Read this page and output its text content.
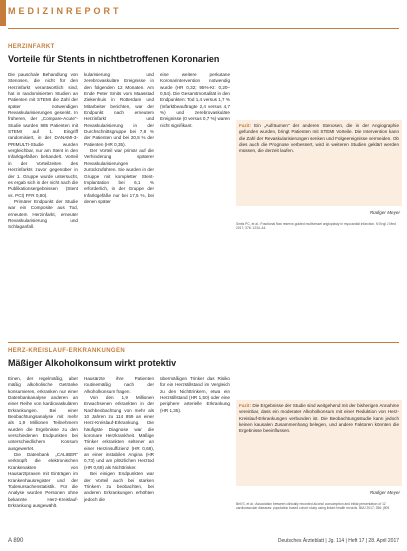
MEDIZINREPORT
HERZINFARKT
Vorteile für Stents in nichtbetroffenen Koronarien

Die pauschale Behandlung von Stenosen, die nicht für den Herzinfarkt verantwortlich sind, hat in randomisierten Studien an Patienten mit STEMI die Zahl der später notwendigen Revaskularisierungen gesenkt. In früheren, der „Compare-Acute“-Studie wurden 885 Patienten mit STEMI auf 1. Eingriff randomisiert, in der DANAMI-3-PRIMULTI-Studie wurden vergleichbar, nur am Stent in den Infarktgefäßen behandelt. Vorteil in der Vorteilzeiten des Herzinfarkts zuvor gegenüber in der 1. Gruppe wurde untersucht, es ergab sich in der nicht nach die Publikationsergebnissen (Stent vs. PCI) FFR 0,80).

Primärer Endpunkt der Studie war ein Composite aus Tod, erneutem Herzinfarkt, erneuter Revaskularisierung und Schlaganfall.

kularisierung und zerebrovaskuläre Ereignisse in den folgenden 12 Monaten. Am Ende Peter Smits vom Maasstad Ziekenhuis in Rotterdam und Mitarbeiter berichten, war der Endpunkt nach erneutem Herzinfarkt und Revaskularisierung in der Durchschnittsgruppe bei 7,8 % der Patienten und bei 20,5 % der Patienten (HR 0,35).

Der Vorteil war primär auf die Verhinderung späterer Revaskularisierungen zurückzuführen. Sie wurden in der Gruppe mit kompletter Stent-Implantation bei 6,1 % erforderlich, in der Gruppe der Infarktgefäße nur bei 17,5 %, bei denen später

eine weitere perkutane Koronarintervention notwendig wurde (HR 0,32; 95%-KI: 0,20–0,54). Die Gesamtmortalität in den Endpunkten: Tod 1,4 versus 1,7 % (Infarktbeauftragte 2,4 versus 4,7 %) und zerebrovaskuläre Ereignisse (0 versus 0,7 %) waren nicht signifikant.	Fazit: Ein „Aufräumen“ der anderen Stenosen, die in der Angiographie gefunden wurden, bringt Patienten mit STEMI Vorteile. Die Intervention kann die Zahl der Revaskularisierungen senken und Folgeereignisse vermeiden. Ob dies auch die Prognose verbessert, wird in weiteren Studien geklärt werden müssen, die derzeit laufen.

Rüdiger Meyer
Smits PC, et al.: Fractional flow reserve-guided multivessel angioplasty in myocardial infarction. N Engl J Med 2017; 376: 1234–44.
HERZ-KREISLAUF-ERKRANKUNGEN
Mäßiger Alkoholkonsum wirkt protektiv

Einen, der regelmäßig, aber mäßig alkoholische Getränke konsumieren, erkranken nur einer Datenbankanalyse anderen an einer Reihe von kardiovaskulären Erkrankungen. Bei einer Beobachtungsanalyse mit mehr als 1,9 Millionen Teilnehmern wurden die Ergebnisse zu den verschiedenen Endpunkten bei unterschiedlichem Konsum ausgewertet.

Die Datenbank „CALIBER“ verknüpft die elektronischen Krankenakten von Hausarztpraxen mit Einträgen im Krankenhausregister und der Todesursachenstatistik. Für die Analyse wurden Personen ohne bekannte Herz-Kreislauf-Erkrankung ausgewählt.

Hausärzte ihre Patienten routinemäßig nach der Alkoholkonsum fragen.

Von den 1,9 Millionen Erwachsenen erkrankten in der Nachbeobachtung von mehr als 10 Jahren zu 114 859 an einer Herz-Kreislauf-Erkrankung. Die häufigste Diagnose war die koronare Herzkrankheit. Mäßige Trinker erkrankten seltener an einer Herzinsuffizienz (HR 0,68), an einer instabilen Angina (HR 0,73) und am plötzlichen Herztod (HR 0,69) als Nichttrinker.

Bei einigen Endpunkten war der Vorteil auch bei starken Trinkern zu beobachten, bei anderen Erkrankungen erhöhten jedoch die

übermäßigen Trinker das Risiko für ein Herzstillstand im Vergleich zu den Nichttrinkern, etwa ein Herzstillstand (HR 1,50) oder eine periphere arterielle Erkrankung (HR 1,35).

Fazit: Die Ergebnisse der Studie sind weitgehend mit der bisherigen Annahme vereinbar, dass ein moderater Alkoholkonsum mit einer Reduktion von Herz-Kreislauf-Erkrankungen verbunden ist. Die Beobachtungsstudie kann jedoch keinen kausalen Zusammenhang belegen, und andere Faktoren könnten die Ergebnisse beeinflussen.

Rüdiger Meyer
Bell S, et al.: Association between clinically recorded alcohol consumption and initial presentation of 12 cardiovascular diseases: population based cohort study using linked health records. BMJ 2017; 356: j909.
A 890	Deutsches Ärzteblatt | Jg. 114 | Heft 17 | 28. April 2017
